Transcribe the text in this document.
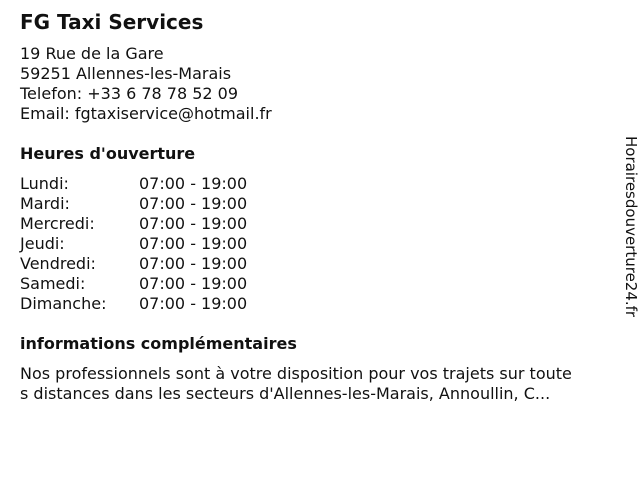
FG Taxi Services
19 Rue de la Gare
59251 Allennes-les-Marais
Telefon: +33 6 78 78 52 09
Email: fgtaxiservice@hotmail.fr
Heures d'ouverture
Lundi:	07:00 - 19:00
Mardi:	07:00 - 19:00
Mercredi:	07:00 - 19:00
Jeudi:	07:00 - 19:00
Vendredi:	07:00 - 19:00
Samedi:	07:00 - 19:00
Dimanche: 07:00 - 19:00
informations complémentaires
Nos professionnels sont à votre disposition pour vos trajets sur toute
s distances dans les secteurs d'Allennes-les-Marais, Annoullin, C...
Horairesdouverture24.fr
